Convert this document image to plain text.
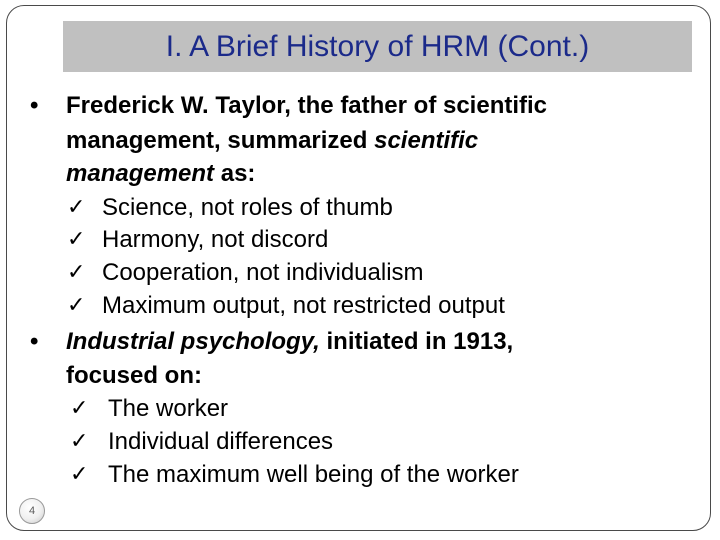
I. A Brief History of HRM (Cont.)
• Frederick W. Taylor, the father of scientific
management, summarized scientific
management as:
✓ Science, not roles of thumb
✓ Harmony, not discord
✓ Cooperation, not individualism
✓ Maximum output, not restricted output
• Industrial psychology, initiated in 1913,
focused on:
✓ The worker
✓ Individual differences
✓ The maximum well being of the worker
4
